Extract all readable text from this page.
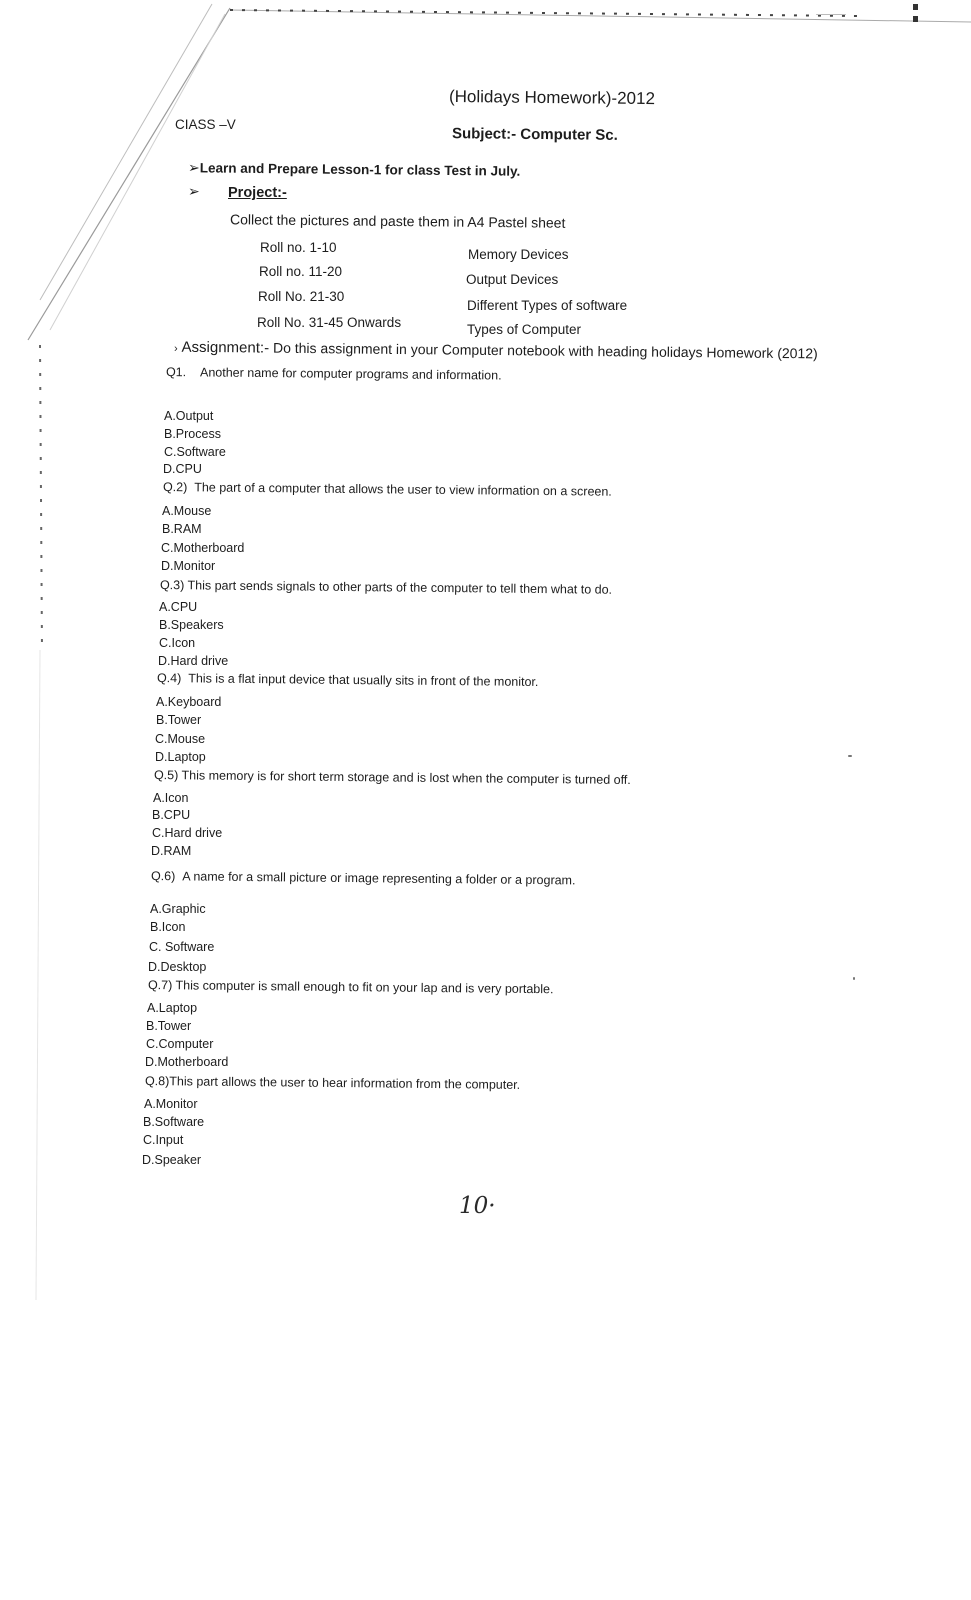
(Holidays Homework)-2012
CIASS –V
Subject:- Computer Sc.
➢Learn and Prepare Lesson-1 for class Test in July.
➢ Project:-
Collect the pictures and paste them in A4 Pastel sheet
Roll no. 1-10	Memory Devices
Roll no. 11-20
Output Devices
Roll No. 21-30
Different Types of software
Roll No. 31-45 Onwards	Types of Computer
› Assignment:- Do this assignment in your Computer notebook with heading holidays Homework (2012)
Q1. Another name for computer programs and information.
A.Output
B.Process
C.Software
D.CPU
Q.2) The part of a computer that allows the user to view information on a screen.
A.Mouse
B.RAM
C.Motherboard
D.Monitor
Q.3) This part sends signals to other parts of the computer to tell them what to do.
A.CPU
B.Speakers
C.Icon
D.Hard drive
Q.4) This is a flat input device that usually sits in front of the monitor.
A.Keyboard
B.Tower
C.Mouse
D.Laptop
Q.5) This memory is for short term storage and is lost when the computer is turned off.
A.Icon
B.CPU
C.Hard drive
D.RAM
Q.6) A name for a small picture or image representing a folder or a program.
A.Graphic
B.Icon
C. Software
D.Desktop
Q.7) This computer is small enough to fit on your lap and is very portable.
A.Laptop
B.Tower
C.Computer
D.Motherboard
Q.8)This part allows the user to hear information from the computer.
A.Monitor
B.Software
C.Input
D.Speaker
10·
